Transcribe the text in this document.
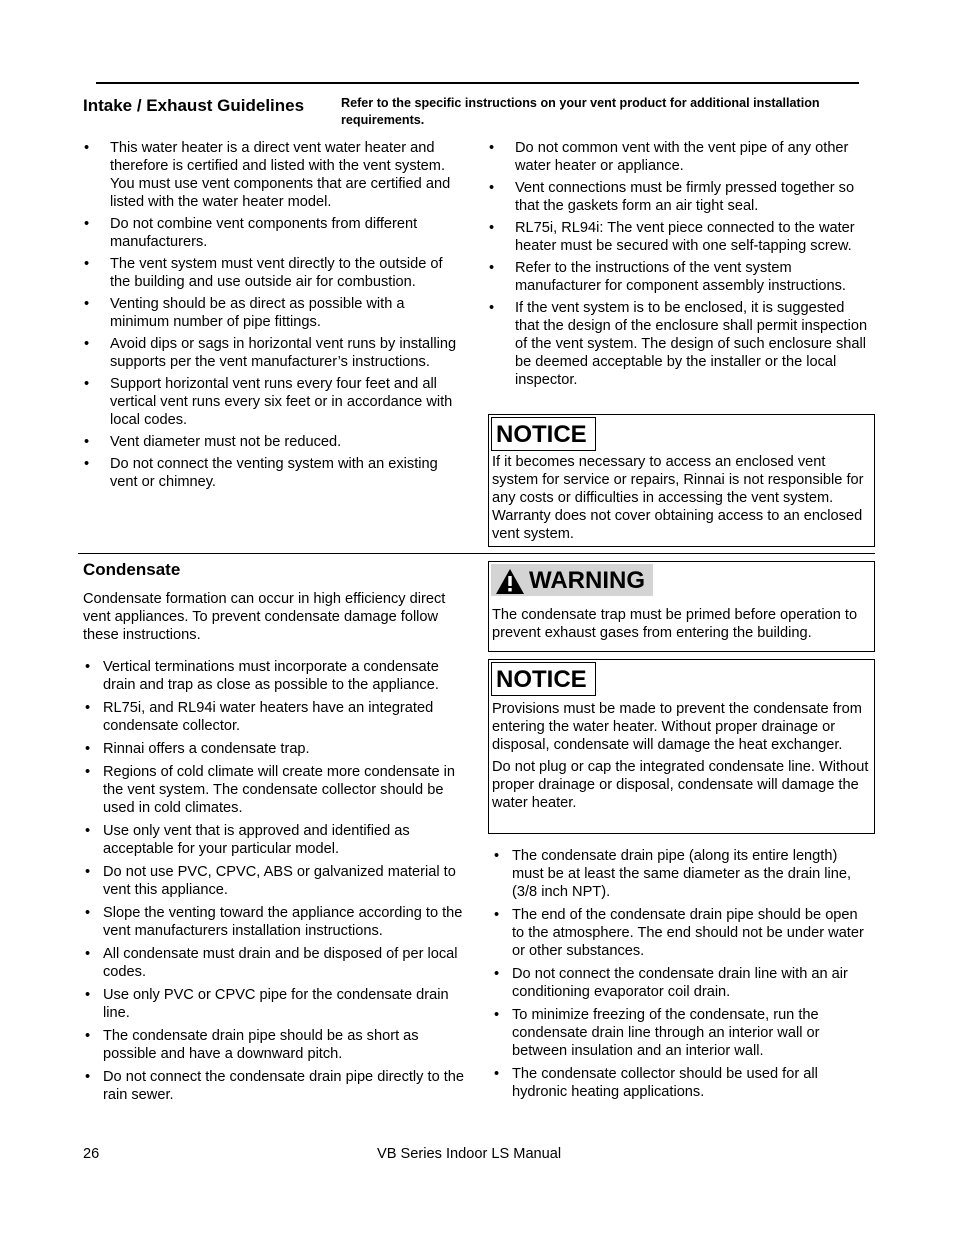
Intake / Exhaust Guidelines	Refer to the specific instructions on your vent product for additional installation requirements.
• This water heater is a direct vent water heater and therefore is certified and listed with the vent system. You must use vent components that are certified and listed with the water heater model.
• Do not combine vent components from different manufacturers.
• The vent system must vent directly to the outside of the building and use outside air for combustion.
• Venting should be as direct as possible with a minimum number of pipe fittings.
• Avoid dips or sags in horizontal vent runs by installing supports per the vent manufacturer’s instructions.
• Support horizontal vent runs every four feet and all vertical vent runs every six feet or in accordance with local codes.
• Vent diameter must not be reduced.
• Do not connect the venting system with an existing vent or chimney.
• Do not common vent with the vent pipe of any other water heater or appliance.
• Vent connections must be firmly pressed together so that the gaskets form an air tight seal.
• RL75i, RL94i: The vent piece connected to the water heater must be secured with one self-tapping screw.
• Refer to the instructions of the vent system manufacturer for component assembly instructions.
• If the vent system is to be enclosed, it is suggested that the design of the enclosure shall permit inspection of the vent system. The design of such enclosure shall be deemed acceptable by the installer or the local inspector.
NOTICE
If it becomes necessary to access an enclosed vent system for service or repairs, Rinnai is not responsible for any costs or difficulties in accessing the vent system. Warranty does not cover obtaining access to an enclosed vent system.
Condensate
Condensate formation can occur in high efficiency direct vent appliances. To prevent condensate damage follow these instructions.
• Vertical terminations must incorporate a condensate drain and trap as close as possible to the appliance.
• RL75i, and RL94i water heaters have an integrated condensate collector.
• Rinnai offers a condensate trap.
• Regions of cold climate will create more condensate in the vent system. The condensate collector should be used in cold climates.
• Use only vent that is approved and identified as acceptable for your particular model.
• Do not use PVC, CPVC, ABS or galvanized material to vent this appliance.
• Slope the venting toward the appliance according to the vent manufacturers installation instructions.
• All condensate must drain and be disposed of per local codes.
• Use only PVC or CPVC pipe for the condensate drain line.
• The condensate drain pipe should be as short as possible and have a downward pitch.
• Do not connect the condensate drain pipe directly to the rain sewer.
WARNING
The condensate trap must be primed before operation to prevent exhaust gases from entering the building.
NOTICE

Provisions must be made to prevent the condensate from entering the water heater. Without proper drainage or disposal, condensate will damage the heat exchanger.

Do not plug or cap the integrated condensate line. Without proper drainage or disposal, condensate will damage the water heater.

• The condensate drain pipe (along its entire length) must be at least the same diameter as the drain line, (3/8 inch NPT).
• The end of the condensate drain pipe should be open to the atmosphere. The end should not be under water or other substances.
• Do not connect the condensate drain line with an air conditioning evaporator coil drain.
• To minimize freezing of the condensate, run the condensate drain line through an interior wall or between insulation and an interior wall.
• The condensate collector should be used for all hydronic heating applications.
26	VB Series Indoor LS Manual
